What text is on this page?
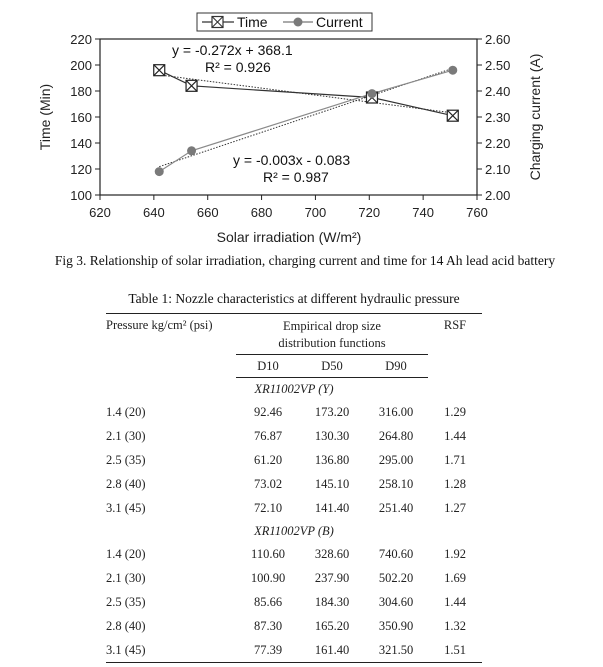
620 640 660 680 700 720 740 760
100
120
140
160
180
200
220
2.00
2.10
2.20
2.30
2.40
2.50
2.60
Time	Current
y = -0.272x + 368.1
R² = 0.926
y = -0.003x - 0.083
R² = 0.987
Solar irradiation (W/m²)
Time (Min)	Charging current (A)
Fig 3. Relationship of solar irradiation, charging current and time for 14 Ah lead acid battery
Table 1: Nozzle characteristics at different hydraulic pressure
Pressure kg/cm² (psi)	Empirical drop size
distribution functions			RSF
	D10	D50	D90	
XR11002VP (Y)				
1.4 (20)	92.46	173.20	316.00	1.29
2.1 (30)	76.87	130.30	264.80	1.44
2.5 (35)	61.20	136.80	295.00	1.71
2.8 (40)	73.02	145.10	258.10	1.28
3.1 (45)	72.10	141.40	251.40	1.27
XR11002VP (B)				
1.4 (20)	110.60	328.60	740.60	1.92
2.1 (30)	100.90	237.90	502.20	1.69
2.5 (35)	85.66	184.30	304.60	1.44
2.8 (40)	87.30	165.20	350.90	1.32
3.1 (45)	77.39	161.40	321.50	1.51
